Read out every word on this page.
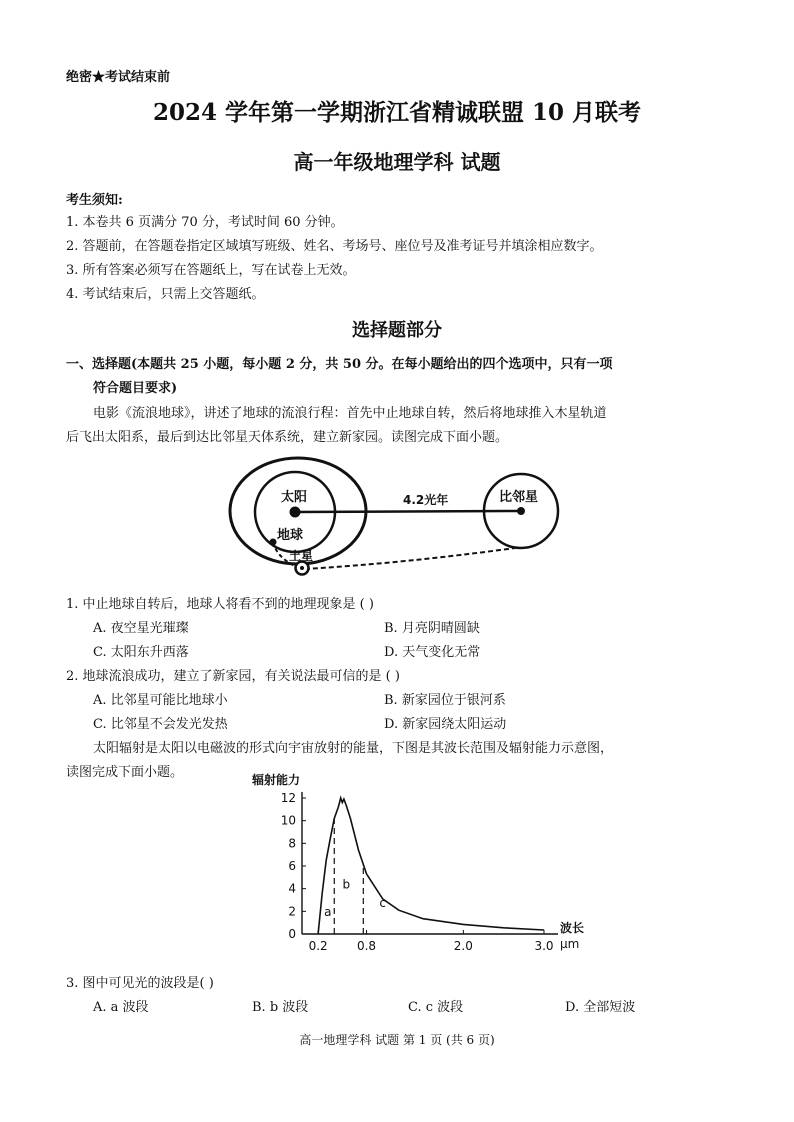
绝密★考试结束前
2024 学年第一学期浙江省精诚联盟 10 月联考
高一年级地理学科 试题
考生须知:
1. 本卷共 6 页满分 70 分，考试时间 60 分钟。
2. 答题前，在答题卷指定区域填写班级、姓名、考场号、座位号及准考证号并填涂相应数字。
3. 所有答案必须写在答题纸上，写在试卷上无效。
4. 考试结束后，只需上交答题纸。
选择题部分
一、选择题(本题共 25 小题，每小题 2 分，共 50 分。在每小题给出的四个选项中，只有一项
符合题目要求)
电影《流浪地球》，讲述了地球的流浪行程：首先中止地球自转，然后将地球推入木星轨道
后飞出太阳系，最后到达比邻星天体系统，建立新家园。读图完成下面小题。
太阳	4.2光年	比邻星
地球
土星
1. 中止地球自转后，地球人将看不到的地理现象是 ( )
A. 夜空星光璀璨	B. 月亮阴晴圆缺
C. 太阳东升西落	D. 天气变化无常
2. 地球流浪成功，建立了新家园，有关说法最可信的是 ( )
A. 比邻星可能比地球小	B. 新家园位于银河系
C. 比邻星不会发光发热	D. 新家园绕太阳运动
太阳辐射是太阳以电磁波的形式向宇宙放射的能量，下图是其波长范围及辐射能力示意图，
读图完成下面小题。
0
2
4
6
8
10
12
0.2 0.8	2.0	3.0
a
b
c
辐射能力
波长
μm
3. 图中可见光的波段是( )
A. a 波段	B. b 波段	C. c 波段	D. 全部短波
高一地理学科 试题 第 1 页 (共 6 页)
